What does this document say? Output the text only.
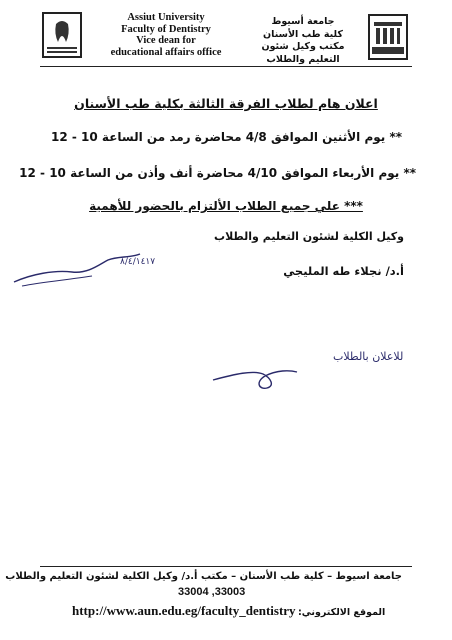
Assiut University
Faculty of Dentistry
Vice dean for
educational affairs office
جامعة أسيوط
كلية طب الأسنان
مكتب وكيل شئون
التعليم والطلاب
اعلان هام لطلاب الفرقة الثالثة بكلية طب الأسنان
** يوم الأثنين الموافق 4/8 محاضرة رمد من الساعة 10 - 12
** يوم الأربعاء الموافق 4/10 محاضرة أنف وأذن من الساعة 10 - 12
*** علي جميع الطلاب الألتزام بالحضور للأهمية
وكيل الكلية لشئون التعليم والطلاب
٨/٤/١٤١٧
أ.د/ نجلاء طه المليجي
للاعلان بالطلاب
جامعة اسيوط – كلية طب الأسنان – مكتب أ.د/ وكيل الكلية لشئون التعليم والطلاب
33004 ,33003
http://www.aun.edu.eg/faculty_dentistry الموقع الالكتروني:
